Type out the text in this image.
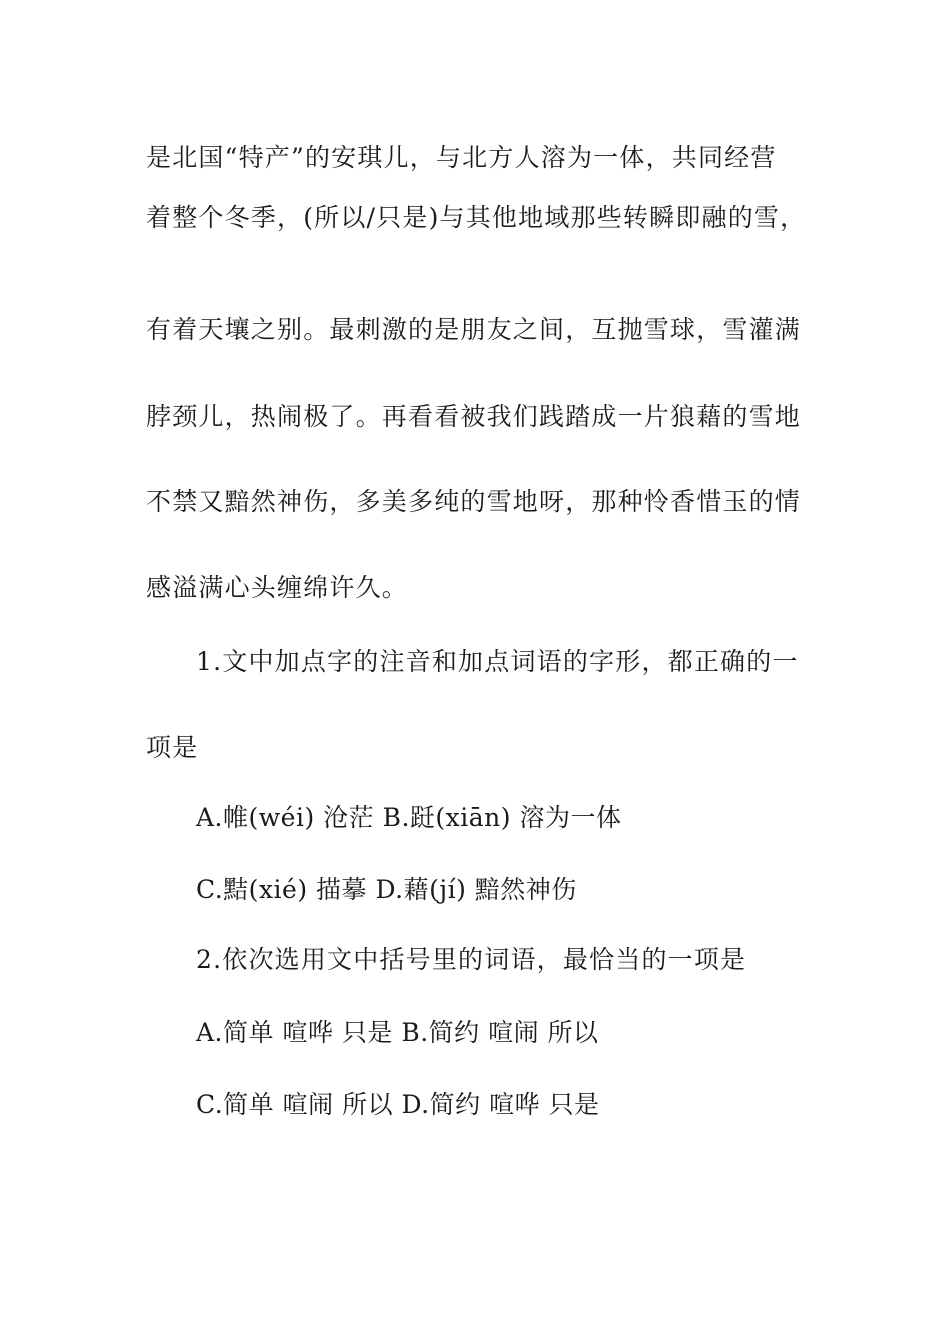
是北国“特产”的安琪儿，与北方人溶为一体，共同经营
着整个冬季，(所以/只是)与其他地域那些转瞬即融的雪，
有着天壤之别。最刺激的是朋友之间，互抛雪球，雪灌满
脖颈儿，热闹极了。再看看被我们践踏成一片狼藉的雪地
不禁又黯然神伤，多美多纯的雪地呀，那种怜香惜玉的情
感溢满心头缠绵许久。
1.文中加点字的注音和加点词语的字形，都正确的一
项是
A.帷(wéi) 沧茫 B.跹(xiān) 溶为一体
C.黠(xié) 描摹 D.藉(jí) 黯然神伤
2.依次选用文中括号里的词语，最恰当的一项是
A.简单 喧哗 只是 B.简约 喧闹 所以
C.简单 喧闹 所以 D.简约 喧哗 只是
